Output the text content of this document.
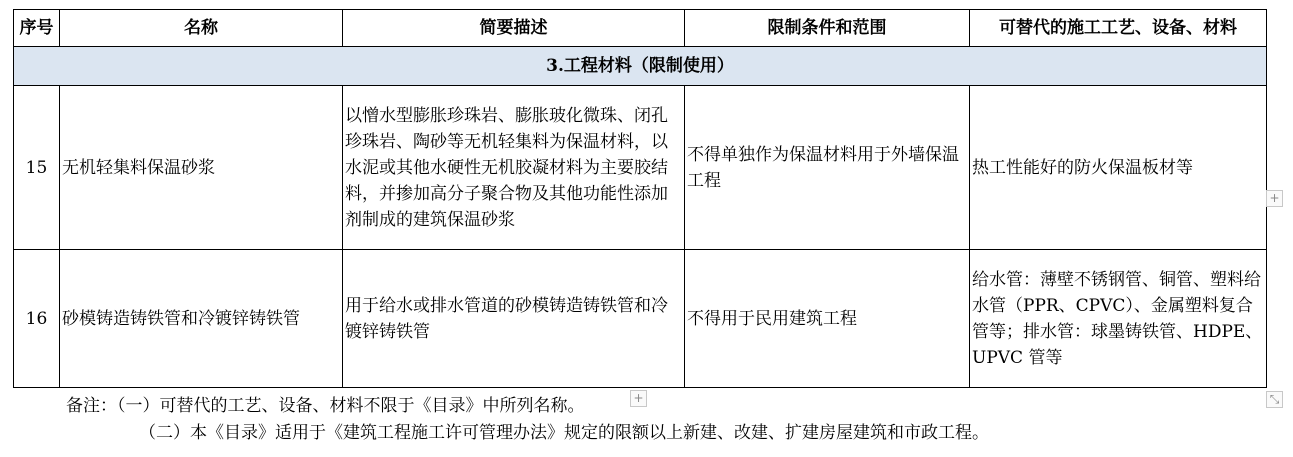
序号	名称	简要描述	限制条件和范围	可替代的施工工艺、设备、材料
3.工程材料（限制使用）				
15	无机轻集料保温砂浆	以憎水型膨胀珍珠岩、膨胀玻化微珠、闭孔珍珠岩、陶砂等无机轻集料为保温材料，以水泥或其他水硬性无机胶凝材料为主要胶结料，并掺加高分子聚合物及其他功能性添加剂制成的建筑保温砂浆	不得单独作为保温材料用于外墙保温工程	热工性能好的防火保温板材等
16	砂模铸造铸铁管和冷镀锌铸铁管	用于给水或排水管道的砂模铸造铸铁管和冷镀锌铸铁管	不得用于民用建筑工程	给水管：薄壁不锈钢管、铜管、塑料给水管（PPR、CPVC）、金属塑料复合管等；排水管：球墨铸铁管、HDPE、UPVC 管等
备注：（一）可替代的工艺、设备、材料不限于《目录》中所列名称。
（二）本《目录》适用于《建筑工程施工许可管理办法》规定的限额以上新建、改建、扩建房屋建筑和市政工程。
+
+	⤡
